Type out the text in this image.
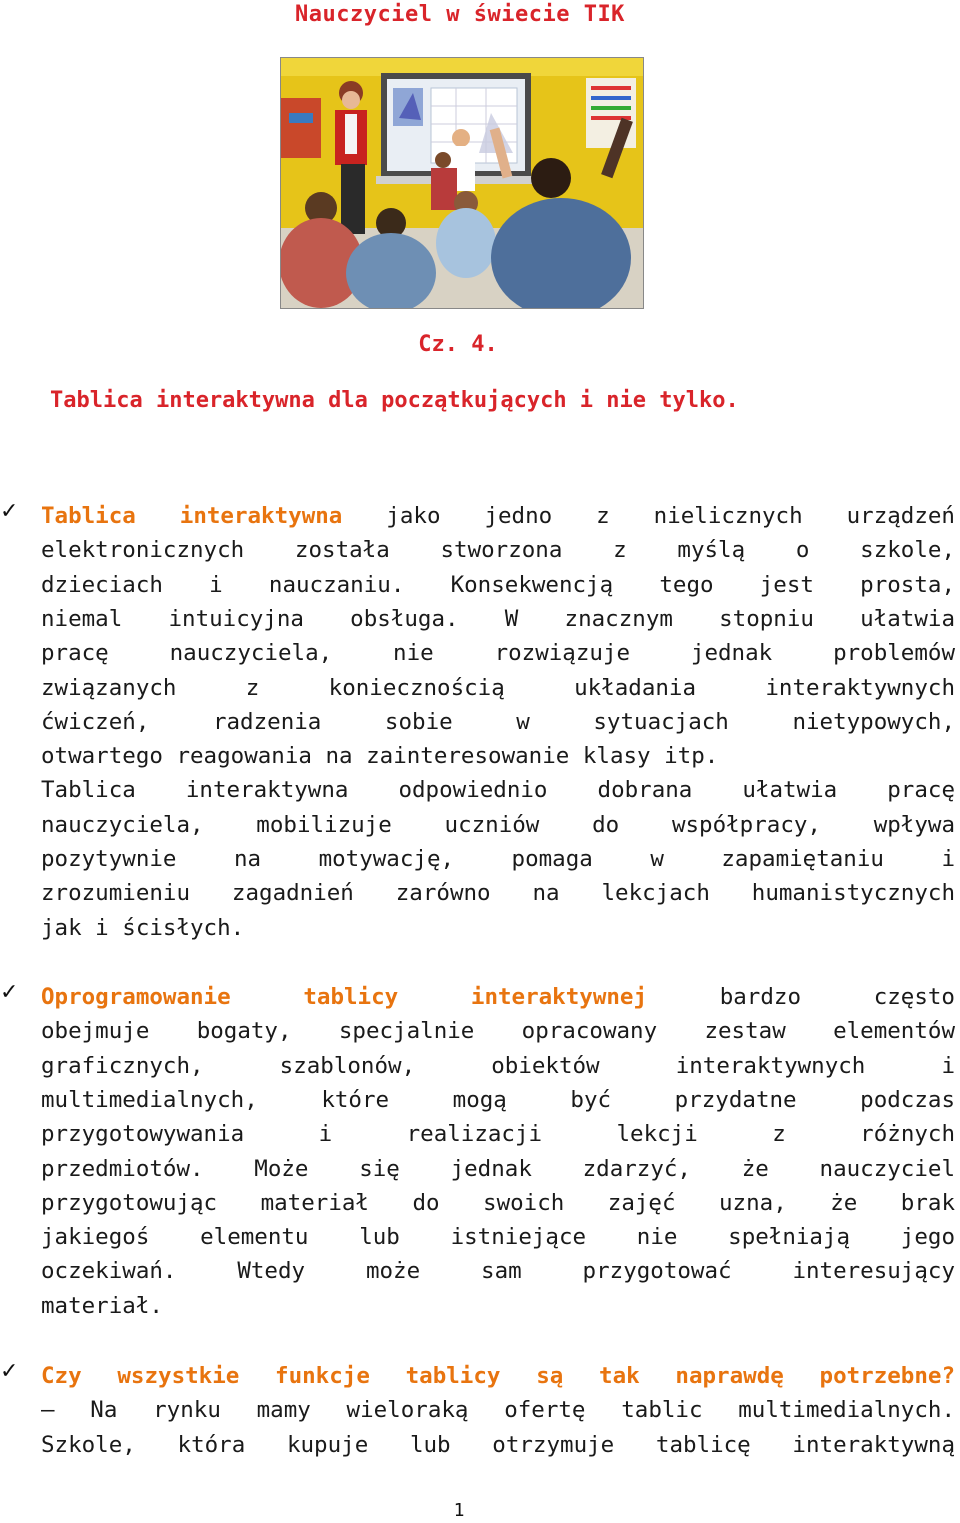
Nauczyciel w świecie TIK
Cz. 4.
Tablica interaktywna dla początkujących i nie tylko.
✓ Tablica interaktywna jako jedno z nielicznych urządzeń
elektronicznych została stworzona z myślą o szkole,
dzieciach i nauczaniu. Konsekwencją tego jest prosta,
niemal intuicyjna obsługa. W znacznym stopniu ułatwia
pracę nauczyciela, nie rozwiązuje jednak problemów
związanych z koniecznością układania interaktywnych
ćwiczeń, radzenia sobie w sytuacjach nietypowych,
otwartego reagowania na zainteresowanie klasy itp.
Tablica interaktywna odpowiednio dobrana ułatwia pracę
nauczyciela, mobilizuje uczniów do współpracy, wpływa
pozytywnie na motywację, pomaga w zapamiętaniu i
zrozumieniu zagadnień zarówno na lekcjach humanistycznych
jak i ścisłych.
✓ Oprogramowanie tablicy interaktywnej bardzo często
obejmuje bogaty, specjalnie opracowany zestaw elementów
graficznych, szablonów, obiektów interaktywnych i
multimedialnych, które mogą być przydatne podczas
przygotowywania i realizacji lekcji z różnych
przedmiotów. Może się jednak zdarzyć, że nauczyciel
przygotowując materiał do swoich zajęć uzna, że brak
jakiegoś elementu lub istniejące nie spełniają jego
oczekiwań. Wtedy może sam przygotować interesujący
materiał.
✓ Czy wszystkie funkcje tablicy są tak naprawdę potrzebne?
– Na rynku mamy wieloraką ofertę tablic multimedialnych.
Szkole, która kupuje lub otrzymuje tablicę interaktywną
1
